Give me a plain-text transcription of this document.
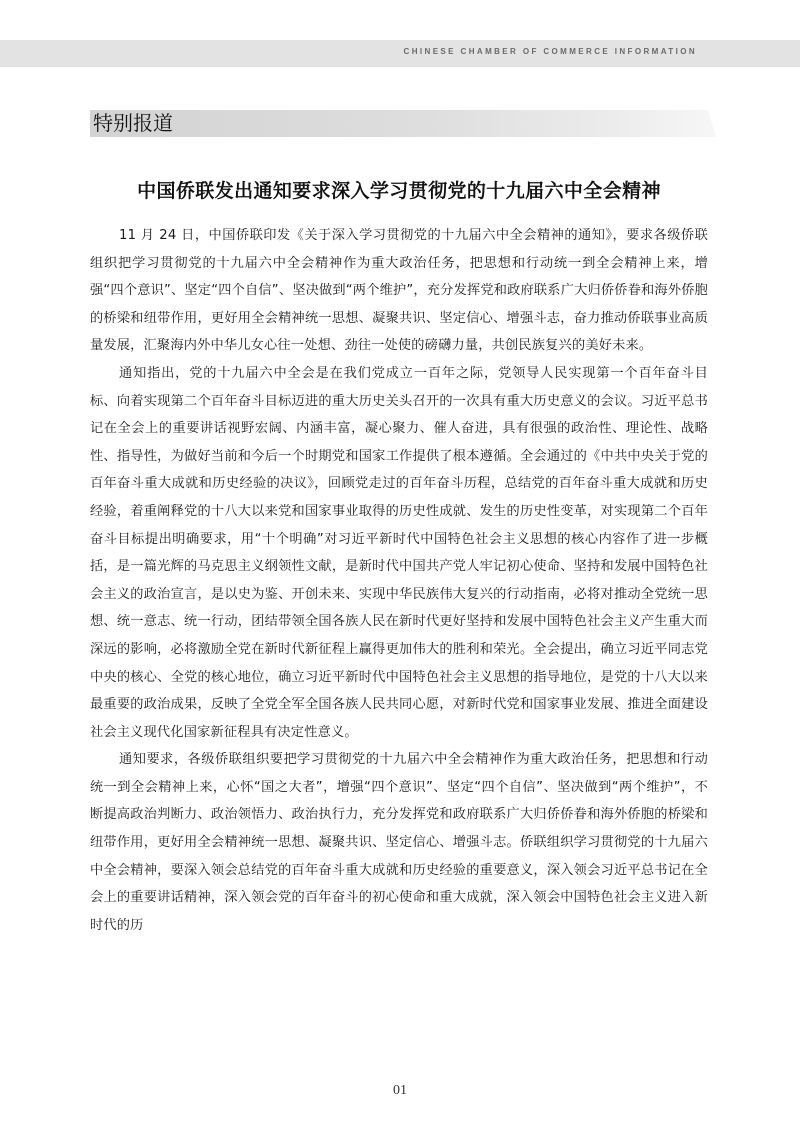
CHINESE CHAMBER OF COMMERCE INFORMATION
特别报道
中国侨联发出通知要求深入学习贯彻党的十九届六中全会精神

11 月 24 日，中国侨联印发《关于深入学习贯彻党的十九届六中全会精神的通知》，要求各级侨联组织把学习贯彻党的十九届六中全会精神作为重大政治任务，把思想和行动统一到全会精神上来，增强“四个意识”、坚定“四个自信”、坚决做到“两个维护”，充分发挥党和政府联系广大归侨侨眷和海外侨胞的桥梁和纽带作用，更好用全会精神统一思想、凝聚共识、坚定信心、增强斗志，奋力推动侨联事业高质量发展，汇聚海内外中华儿女心往一处想、劲往一处使的磅礴力量，共创民族复兴的美好未来。

通知指出，党的十九届六中全会是在我们党成立一百年之际，党领导人民实现第一个百年奋斗目标、向着实现第二个百年奋斗目标迈进的重大历史关头召开的一次具有重大历史意义的会议。习近平总书记在全会上的重要讲话视野宏阔、内涵丰富，凝心聚力、催人奋进，具有很强的政治性、理论性、战略性、指导性，为做好当前和今后一个时期党和国家工作提供了根本遵循。全会通过的《中共中央关于党的百年奋斗重大成就和历史经验的决议》，回顾党走过的百年奋斗历程，总结党的百年奋斗重大成就和历史经验，着重阐释党的十八大以来党和国家事业取得的历史性成就、发生的历史性变革，对实现第二个百年奋斗目标提出明确要求，用“十个明确”对习近平新时代中国特色社会主义思想的核心内容作了进一步概括，是一篇光辉的马克思主义纲领性文献，是新时代中国共产党人牢记初心使命、坚持和发展中国特色社会主义的政治宣言，是以史为鉴、开创未来、实现中华民族伟大复兴的行动指南，必将对推动全党统一思想、统一意志、统一行动，团结带领全国各族人民在新时代更好坚持和发展中国特色社会主义产生重大而深远的影响，必将激励全党在新时代新征程上赢得更加伟大的胜利和荣光。全会提出，确立习近平同志党中央的核心、全党的核心地位，确立习近平新时代中国特色社会主义思想的指导地位，是党的十八大以来最重要的政治成果，反映了全党全军全国各族人民共同心愿，对新时代党和国家事业发展、推进全面建设社会主义现代化国家新征程具有决定性意义。

通知要求，各级侨联组织要把学习贯彻党的十九届六中全会精神作为重大政治任务，把思想和行动统一到全会精神上来，心怀“国之大者”，增强“四个意识”、坚定“四个自信”、坚决做到“两个维护”，不断提高政治判断力、政治领悟力、政治执行力，充分发挥党和政府联系广大归侨侨眷和海外侨胞的桥梁和纽带作用，更好用全会精神统一思想、凝聚共识、坚定信心、增强斗志。侨联组织学习贯彻党的十九届六中全会精神，要深入领会总结党的百年奋斗重大成就和历史经验的重要意义，深入领会习近平总书记在全会上的重要讲话精神，深入领会党的百年奋斗的初心使命和重大成就，深入领会中国特色社会主义进入新时代的历

01
